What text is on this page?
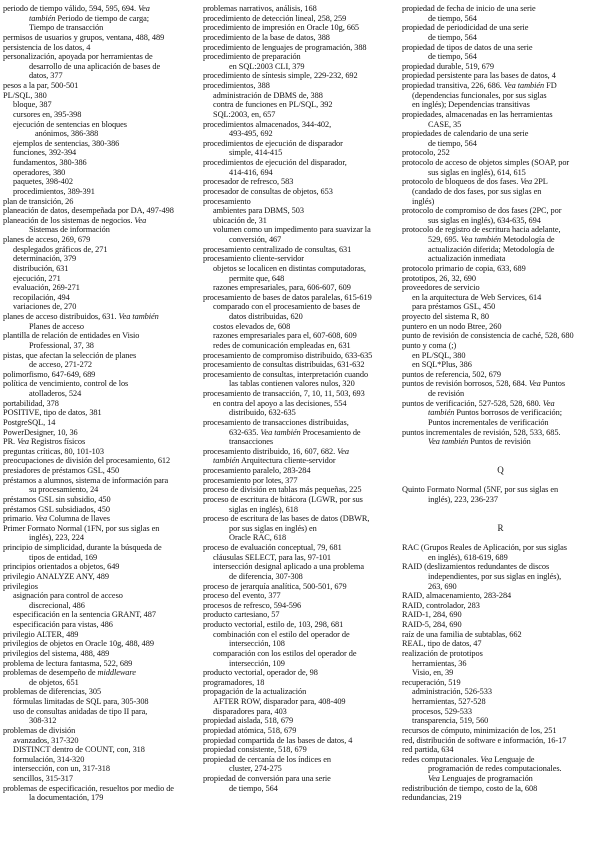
periodo de tiempo válido, 594, 595, 694. Vea
también Periodo de tiempo de carga;
Tiempo de transacción
permisos de usuarios y grupos, ventana, 488, 489
persistencia de los datos, 4
personalización, apoyada por herramientas de
desarrollo de una aplicación de bases de
datos, 377
pesos a la par, 500-501
PL/SQL, 380
bloque, 387
cursores en, 395-398
ejecución de sentencias en bloques
anónimos, 386-388
ejemplos de sentencias, 380-386
funciones, 392-394
fundamentos, 380-386
operadores, 380
paquetes, 398-402
procedimientos, 389-391
plan de transición, 26
planeación de datos, desempeñada por DA, 497-498
planeación de los sistemas de negocios. Vea
Sistemas de información
planes de acceso, 269, 679
desplegados gráficos de, 271
determinación, 379
distribución, 631
ejecución, 271
evaluación, 269-271
recopilación, 494
variaciones de, 270
planes de acceso distribuidos, 631. Vea también
Planes de acceso
plantilla de relación de entidades en Visio
Professional, 37, 38
pistas, que afectan la selección de planes
de acceso, 271-272
polimorfismo, 647-649, 689
política de vencimiento, control de los
atolladeros, 524
portabilidad, 378
POSITIVE, tipo de datos, 381
PostgreSQL, 14
PowerDesigner, 10, 36
PR. Vea Registros físicos
preguntas críticas, 80, 101-103
preocupaciones de división del procesamiento, 612
presiadores de préstamos GSL, 450
préstamos a alumnos, sistema de información para
su procesamiento, 24
préstamos GSL sin subsidio, 450
préstamos GSL subsidiados, 450
primario. Vea Columna de llaves
Primer Formato Normal (1FN, por sus siglas en
inglés), 223, 224
principio de simplicidad, durante la búsqueda de
tipos de entidad, 169
principios orientados a objetos, 649
privilegio ANALYZE ANY, 489
privilegios
asignación para control de acceso
discrecional, 486
especificación en la sentencia GRANT, 487
especificación para vistas, 486
privilegio ALTER, 489
privilegios de objetos en Oracle 10g, 488, 489
privilegios del sistema, 488, 489
problema de lectura fantasma, 522, 689
problemas de desempeño de middleware
de objetos, 651
problemas de diferencias, 305
fórmulas limitadas de SQL para, 305-308
uso de consultas anidadas de tipo II para,
308-312
problemas de división
avanzados, 317-320
DISTINCT dentro de COUNT, con, 318
formulación, 314-320
intersección, con un, 317-318
sencillos, 315-317
problemas de especificación, resueltos por medio de
la documentación, 179
problemas narrativos, análisis, 168
procedimiento de detección lineal, 258, 259
procedimiento de impresión en Oracle 10g, 665
procedimiento de la base de datos, 388
procedimiento de lenguajes de programación, 388
procedimiento de preparación
en SQL:2003 CLI, 379
procedimiento de síntesis simple, 229-232, 692
procedimientos, 388
administración de DBMS de, 388
contra de funciones en PL/SQL, 392
SQL:2003, en, 657
procedimientos almacenados, 344-402,
493-495, 692
procedimientos de ejecución de disparador
simple, 414-415
procedimientos de ejecución del disparador,
414-416, 694
procesador de refresco, 583
procesador de consultas de objetos, 653
procesamiento
ambientes para DBMS, 503
ubicación de, 31
volumen como un impedimento para suavizar la
conversión, 467
procesamiento centralizado de consultas, 631
procesamiento cliente-servidor
objetos se localicen en distintas computadoras,
permite que, 648
razones empresariales, para, 606-607, 609
procesamiento de bases de datos paralelas, 615-619
comparado con el procesamiento de bases de
datos distribuidas, 620
costos elevados de, 608
razones empresariales para el, 607-608, 609
redes de comunicación empleadas en, 631
procesamiento de compromiso distribuido, 633-635
procesamiento de consultas distribuidas, 631-632
procesamiento de consultas, interpretación cuando
las tablas contienen valores nulos, 320
procesamiento de transacción, 7, 10, 11, 503, 693
en contra del apoyo a las decisiones, 554
distribuido, 632-635
procesamiento de transacciones distribuidas,
632-635. Vea también Procesamiento de
transacciones
procesamiento distribuido, 16, 607, 682. Vea
también Arquitectura cliente-servidor
procesamiento paralelo, 283-284
procesamiento por lotes, 377
proceso de división en tablas más pequeñas, 225
proceso de escritura de bitácora (LGWR, por sus
siglas en inglés), 618
proceso de escritura de las bases de datos (DBWR,
por sus siglas en inglés) en
Oracle RAC, 618
proceso de evaluación conceptual, 79, 681
cláusulas SELECT, para las, 97-101
intersección designal aplicado a una problema
de diferencia, 307-308
proceso de jerarquía analítica, 500-501, 679
proceso del evento, 377
procesos de refresco, 594-596
producto cartesiano, 57
producto vectorial, estilo de, 103, 298, 681
combinación con el estilo del operador de
intersección, 108
comparación con los estilos del operador de
intersección, 109
producto vectorial, operador de, 98
programadores, 18
propagación de la actualización
AFTER ROW, disparador para, 408-409
disparadores para, 403
propiedad aislada, 518, 679
propiedad atómica, 518, 679
propiedad compartida de las bases de datos, 4
propiedad consistente, 518, 679
propiedad de cercanía de los índices en
cluster, 274-275
propiedad de conversión para una serie
de tiempo, 564
propiedad de fecha de inicio de una serie
de tiempo, 564
propiedad de periodicidad de una serie
de tiempo, 564
propiedad de tipos de datos de una serie
de tiempo, 564
propiedad durable, 519, 679
propiedad persistente para las bases de datos, 4
propiedad transitiva, 226, 686. Vea también FD
(dependencias funcionales, por sus siglas
en inglés); Dependencias transitivas
propiedades, almacenadas en las herramientas
CASE, 35
propiedades de calendario de una serie
de tiempo, 564
protocolo, 252
protocolo de acceso de objetos simples (SOAP, por
sus siglas en inglés), 614, 615
protocolo de bloqueos de dos fases. Vea 2PL
(candado de dos fases, por sus siglas en
inglés)
protocolo de compromiso de dos fases (2PC, por
sus siglas en inglés), 634-635, 694
protocolo de registro de escritura hacia adelante,
529, 695. Vea también Metodología de
actualización diferida; Metodología de
actualización inmediata
protocolo primario de copia, 633, 689
prototipos, 26, 32, 690
proveedores de servicio
en la arquitectura de Web Services, 614
para préstamos GSL, 450
proyecto del sistema R, 80
puntero en un nodo Btree, 260
punto de revisión de consistencia de caché, 528, 680
punto y coma (;)
en PL/SQL, 380
en SQL*Plus, 386
puntos de referencia, 502, 679
puntos de revisión borrosos, 528, 684. Vea Puntos
de revisión
puntos de verificación, 527-528, 528, 680. Vea
también Puntos borrosos de verificación;
Puntos incrementales de verificación
puntos incrementales de revisión, 528, 533, 685.
Vea también Puntos de revisión
Q
Quinto Formato Normal (5NF, por sus siglas en
inglés), 223, 236-237
R
RAC (Grupos Reales de Aplicación, por sus siglas
en inglés), 618-619, 689
RAID (deslizamientos redundantes de discos
independientes, por sus siglas en inglés),
263, 690
RAID, almacenamiento, 283-284
RAID, controlador, 283
RAID-1, 284, 690
RAID-5, 284, 690
raíz de una familia de subtablas, 662
REAL, tipo de datos, 47
realización de prototipos
herramientas, 36
Visio, en, 39
recuperación, 519
administración, 526-533
herramientas, 527-528
procesos, 529-533
transparencia, 519, 560
recursos de cómputo, minimización de los, 251
red, distribución de software e información, 16-17
red partida, 634
redes computacionales. Vea Lenguaje de
programación de redes computacionales.
Vea Lenguajes de programación
redistribución de tiempo, costo de la, 608
redundancias, 219
